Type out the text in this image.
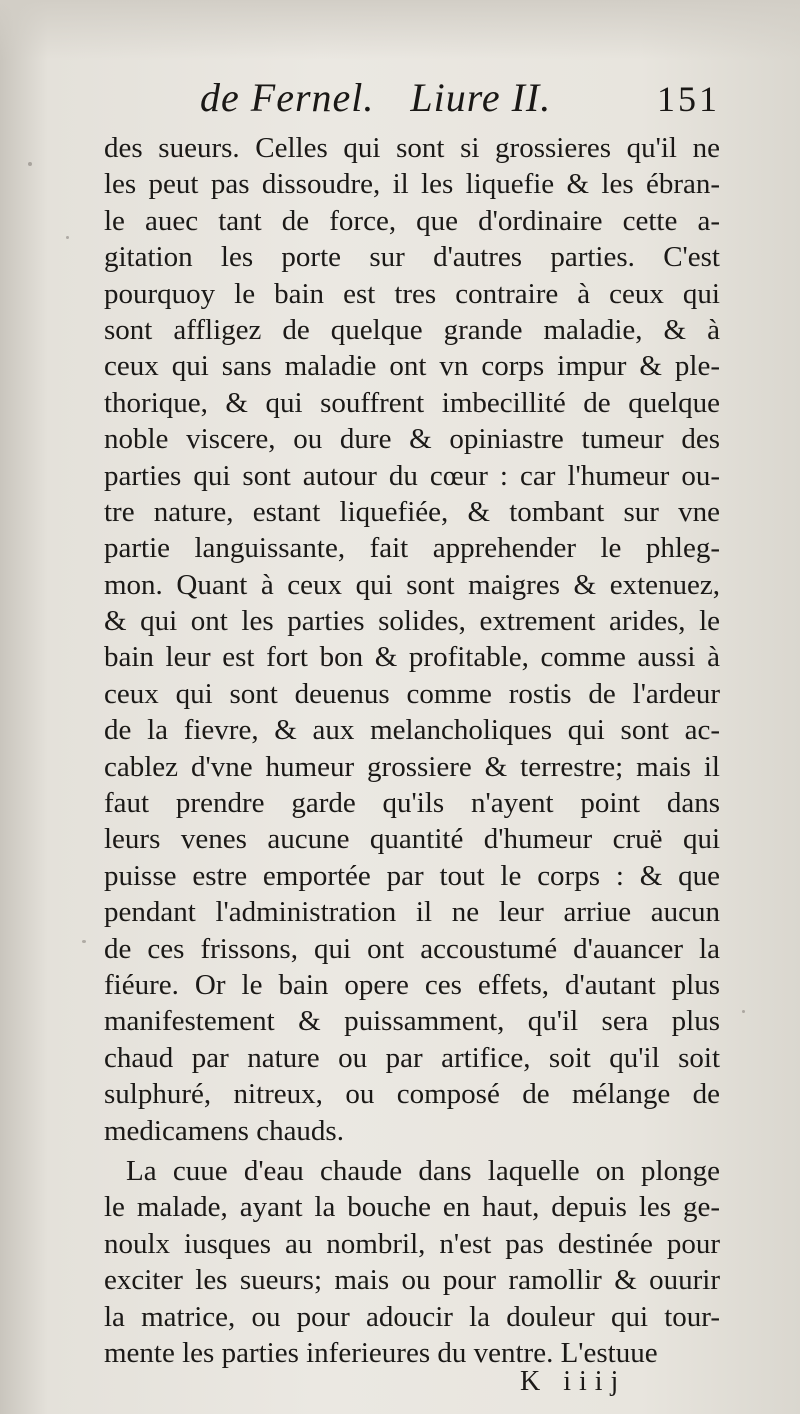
de Fernel. Liure II.	151
des sueurs. Celles qui sont si grossieres qu'il ne
les peut pas dissoudre, il les liquefie & les ébran-
le auec tant de force, que d'ordinaire cette a-
gitation les porte sur d'autres parties. C'est
pourquoy le bain est tres contraire à ceux qui
sont affligez de quelque grande maladie, & à
ceux qui sans maladie ont vn corps impur & ple-
thorique, & qui souffrent imbecillité de quelque
noble viscere, ou dure & opiniastre tumeur des
parties qui sont autour du cœur : car l'humeur ou-
tre nature, estant liquefiée, & tombant sur vne
partie languissante, fait apprehender le phleg-
mon. Quant à ceux qui sont maigres & extenuez,
& qui ont les parties solides, extrement arides, le
bain leur est fort bon & profitable, comme aussi à
ceux qui sont deuenus comme rostis de l'ardeur
de la fievre, & aux melancholiques qui sont ac-
cablez d'vne humeur grossiere & terrestre; mais il
faut prendre garde qu'ils n'ayent point dans
leurs venes aucune quantité d'humeur cruë qui
puisse estre emportée par tout le corps : & que
pendant l'administration il ne leur arriue aucun
de ces frissons, qui ont accoustumé d'auancer la
fiéure. Or le bain opere ces effets, d'autant plus
manifestement & puissamment, qu'il sera plus
chaud par nature ou par artifice, soit qu'il soit
sulphuré, nitreux, ou composé de mélange de
medicamens chauds.
La cuue d'eau chaude dans laquelle on plonge
le malade, ayant la bouche en haut, depuis les ge-
noulx iusques au nombril, n'est pas destinée pour
exciter les sueurs; mais ou pour ramollir & ouurir
la matrice, ou pour adoucir la douleur qui tour-
mente les parties inferieures du ventre. L'estuue
K iiij
